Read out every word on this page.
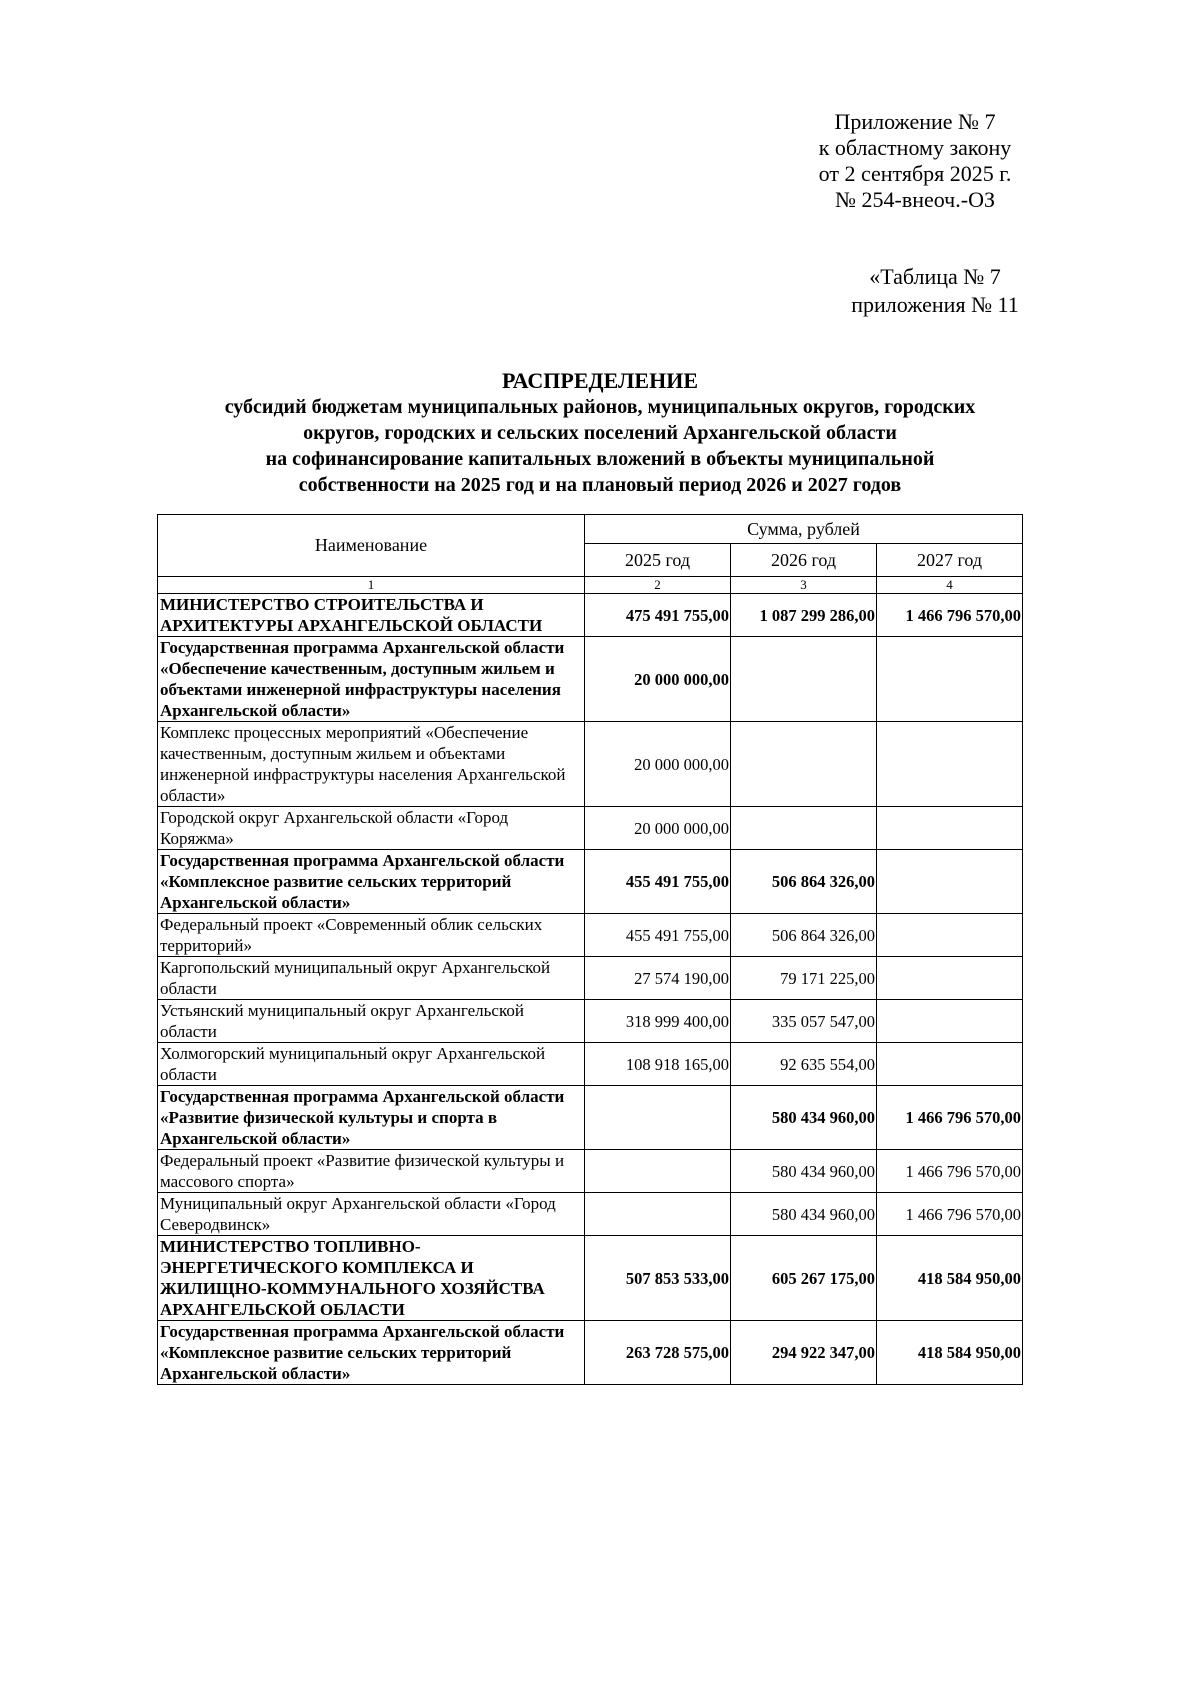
Приложение № 7
к областному закону
от 2 сентября 2025 г.
№ 254-внеоч.-ОЗ
«Таблица № 7
приложения № 11
РАСПРЕДЕЛЕНИЕ
субсидий бюджетам муниципальных районов, муниципальных округов, городских
округов, городских и сельских поселений Архангельской области
на софинансирование капитальных вложений в объекты муниципальной
собственности на 2025 год и на плановый период 2026 и 2027 годов
Наименование	Сумма, рублей		
	2025 год	2026 год	2027 год
1	2	3	4
МИНИСТЕРСТВО СТРОИТЕЛЬСТВА И АРХИТЕКТУРЫ АРХАНГЕЛЬСКОЙ ОБЛАСТИ	475 491 755,00	1 087 299 286,00	1 466 796 570,00
Государственная программа Архангельской области «Обеспечение качественным, доступным жильем и объектами инженерной инфраструктуры населения Архангельской области»	20 000 000,00		
Комплекс процессных мероприятий «Обеспечение качественным, доступным жильем и объектами инженерной инфраструктуры населения Архангельской области»	20 000 000,00		
Городской округ Архангельской области «Город Коряжма»	20 000 000,00		
Государственная программа Архангельской области «Комплексное развитие сельских территорий Архангельской области»	455 491 755,00	506 864 326,00	
Федеральный проект «Современный облик сельских территорий»	455 491 755,00	506 864 326,00	
Каргопольский муниципальный округ Архангельской области	27 574 190,00	79 171 225,00	
Устьянский муниципальный округ Архангельской области	318 999 400,00	335 057 547,00	
Холмогорский муниципальный округ Архангельской области	108 918 165,00	92 635 554,00	
Государственная программа Архангельской области «Развитие физической культуры и спорта в Архангельской области»		580 434 960,00	1 466 796 570,00
Федеральный проект «Развитие физической культуры и массового спорта»		580 434 960,00	1 466 796 570,00
Муниципальный округ Архангельской области «Город Северодвинск»		580 434 960,00	1 466 796 570,00
МИНИСТЕРСТВО ТОПЛИВНО-ЭНЕРГЕТИЧЕСКОГО КОМПЛЕКСА И ЖИЛИЩНО-КОММУНАЛЬНОГО ХОЗЯЙСТВА АРХАНГЕЛЬСКОЙ ОБЛАСТИ	507 853 533,00	605 267 175,00	418 584 950,00
Государственная программа Архангельской области «Комплексное развитие сельских территорий Архангельской области»	263 728 575,00	294 922 347,00	418 584 950,00
